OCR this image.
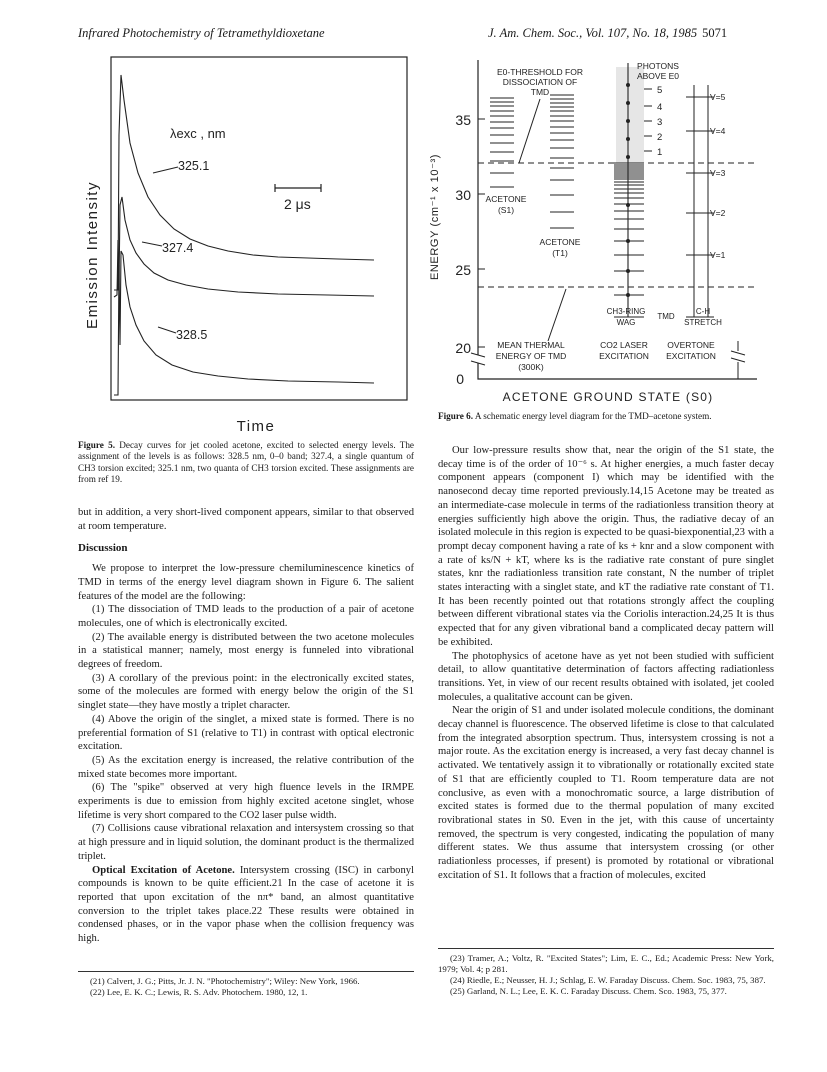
Infrared Photochemistry of Tetramethyldioxetane	J. Am. Chem. Soc., Vol. 107, No. 18, 1985 5071
Emission Intensity
Time
λexc , nm
2 μs
325.1
327.4
328.5
Figure 5. Decay curves for jet cooled acetone, excited to selected energy levels. The assignment of the levels is as follows: 328.5 nm, 0–0 band; 327.4, a single quantum of CH3 torsion excited; 325.1 nm, two quanta of CH3 torsion excited. These assignments are from ref 19.

but in addition, a very short-lived component appears, similar to that observed at room temperature.

Discussion

We propose to interpret the low-pressure chemiluminescence kinetics of TMD in terms of the energy level diagram shown in Figure 6. The salient features of the model are the following:

(1) The dissociation of TMD leads to the production of a pair of acetone molecules, one of which is electronically excited.

(2) The available energy is distributed between the two acetone molecules in a statistical manner; namely, most energy is funneled into vibrational degrees of freedom.

(3) A corollary of the previous point: in the electronically excited states, some of the molecules are formed with energy below the origin of the S1 singlet state—they have mostly a triplet character.

(4) Above the origin of the singlet, a mixed state is formed. There is no preferential formation of S1 (relative to T1) in contrast with optical electronic excitation.

(5) As the excitation energy is increased, the relative contribution of the mixed state becomes more important.

(6) The "spike" observed at very high fluence levels in the IRMPE experiments is due to emission from highly excited acetone singlet, whose lifetime is very short compared to the CO2 laser pulse width.

(7) Collisions cause vibrational relaxation and intersystem crossing so that at high pressure and in liquid solution, the dominant product is the thermalized triplet.

Optical Excitation of Acetone. Intersystem crossing (ISC) in carbonyl compounds is known to be quite efficient.21 In the case of acetone it is reported that upon excitation of the nπ* band, an almost quantitative conversion to the triplet takes place.22 These results were obtained in condensed phases, or in the vapor phase when the collision frequency was high.

(21) Calvert, J. G.; Pitts, Jr. J. N. "Photochemistry"; Wiley: New York, 1966.
(22) Lee, E. K. C.; Lewis, R. S. Adv. Photochem. 1980, 12, 1.
ENERGY (cm⁻¹ x 10⁻³)
35
30
25
20
0
E0-THRESHOLD FOR
DISSOCIATION OF
TMD
ACETONE
(S1)
ACETONE
(T1)
PHOTONS
ABOVE E0
5
4
3
2
1
V=5
V=4
V=3
V=2
V=1
CH3-RING
WAG
TMD
C-H
STRETCH
MEAN THERMAL
ENERGY OF TMD
(300K)
CO2 LASER
EXCITATION
OVERTONE
EXCITATION
ACETONE GROUND STATE (S0)
Figure 6. A schematic energy level diagram for the TMD–acetone system.

Our low-pressure results show that, near the origin of the S1 state, the decay time is of the order of 10⁻⁶ s. At higher energies, a much faster decay component appears (component I) which may be identified with the nanosecond decay time reported previously.14,15 Acetone may be treated as an intermediate-case molecule in terms of the radiationless transition theory at energies sufficiently high above the origin. Thus, the radiative decay of an isolated molecule in this region is expected to be quasi-biexponential,23 with a prompt decay component having a rate of ks + knr and a slow component with a rate of ks/N + kT, where ks is the radiative rate constant of pure singlet states, knr the radiationless transition rate constant, N the number of triplet states interacting with a singlet state, and kT the radiative rate constant of T1. It has been recently pointed out that rotations strongly affect the coupling between different vibrational states via the Coriolis interaction.24,25 It is thus expected that for any given vibrational band a complicated decay pattern will be exhibited.

The photophysics of acetone have as yet not been studied with sufficient detail, to allow quantitative determination of factors affecting radiationless transitions. Yet, in view of our recent results obtained with isolated, jet cooled molecules, a qualitative account can be given.

Near the origin of S1 and under isolated molecule conditions, the dominant decay channel is fluorescence. The observed lifetime is close to that calculated from the integrated absorption spectrum. Thus, intersystem crossing is not a major route. As the excitation energy is increased, a very fast decay channel is activated. We tentatively assign it to vibrationally or rotationally excited state of S1 that are efficiently coupled to T1. Room temperature data are not conclusive, as even with a monochromatic source, a large distribution of excited states is formed due to the thermal population of many excited rovibrational states in S0. Even in the jet, with this cause of uncertainty removed, the spectrum is very congested, indicating the population of many different states. We thus assume that intersystem crossing (or other radiationless processes, if present) is promoted by rotational or vibrational excitation of S1. It follows that a fraction of molecules, excited

(23) Tramer, A.; Voltz, R. "Excited States"; Lim, E. C., Ed.; Academic Press: New York, 1979; Vol. 4; p 281.
(24) Riedle, E.; Neusser, H. J.; Schlag, E. W. Faraday Discuss. Chem. Soc. 1983, 75, 387.
(25) Garland, N. L.; Lee, E. K. C. Faraday Discuss. Chem. Sco. 1983, 75, 377.
